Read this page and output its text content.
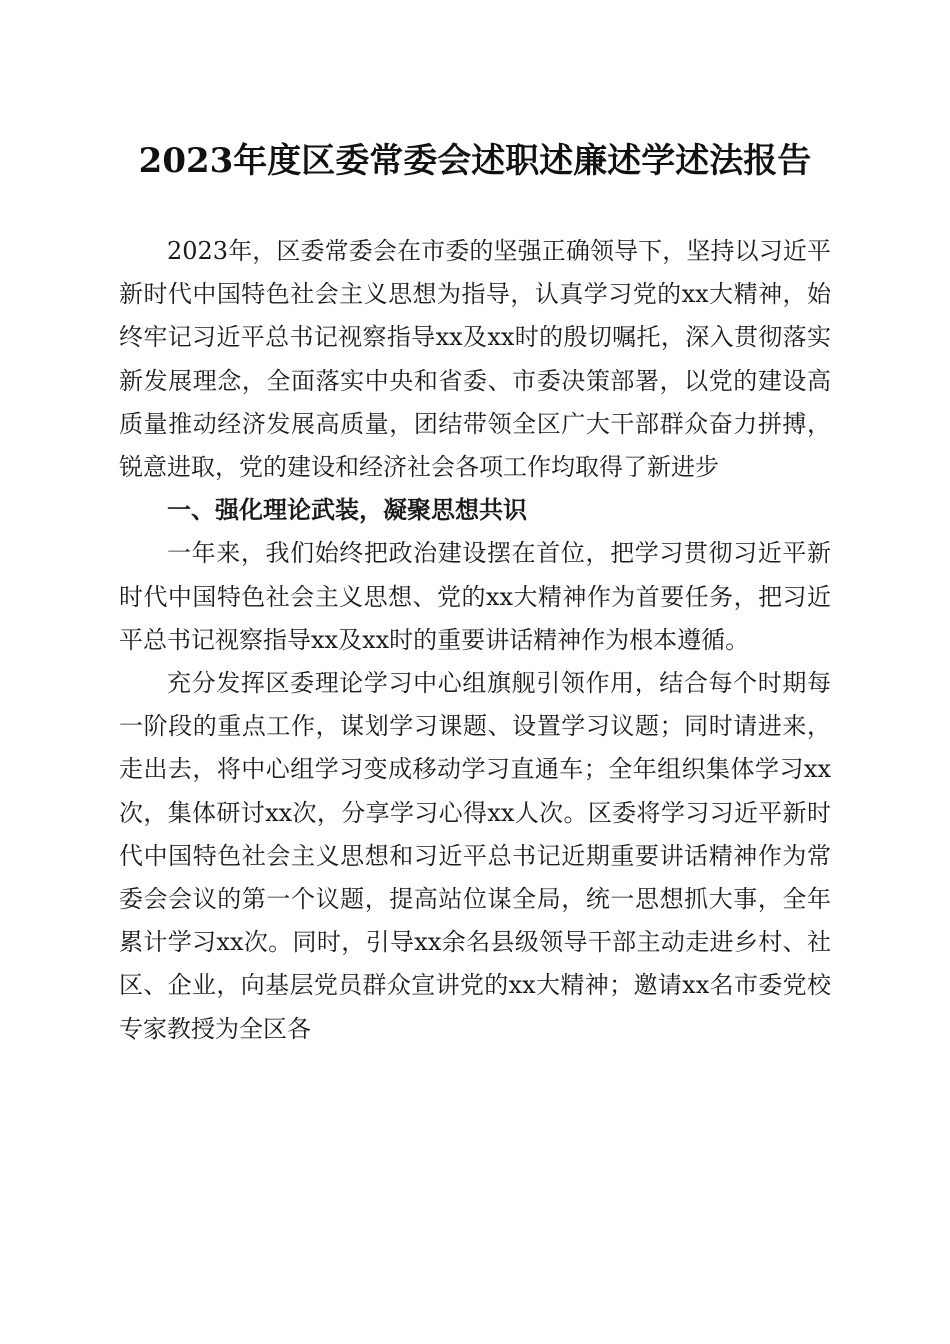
2023年度区委常委会述职述廉述学述法报告

2023年，区委常委会在市委的坚强正确领导下，坚持以习近平新时代中国特色社会主义思想为指导，认真学习党的xx大精神，始终牢记习近平总书记视察指导xx及xx时的殷切嘱托，深入贯彻落实新发展理念，全面落实中央和省委、市委决策部署，以党的建设高质量推动经济发展高质量，团结带领全区广大干部群众奋力拼搏，锐意进取，党的建设和经济社会各项工作均取得了新进步

一、强化理论武装，凝聚思想共识

一年来，我们始终把政治建设摆在首位，把学习贯彻习近平新时代中国特色社会主义思想、党的xx大精神作为首要任务，把习近平总书记视察指导xx及xx时的重要讲话精神作为根本遵循。

充分发挥区委理论学习中心组旗舰引领作用，结合每个时期每一阶段的重点工作，谋划学习课题、设置学习议题；同时请进来，走出去，将中心组学习变成移动学习直通车；全年组织集体学习xx次，集体研讨xx次，分享学习心得xx人次。区委将学习习近平新时代中国特色社会主义思想和习近平总书记近期重要讲话精神作为常委会会议的第一个议题，提高站位谋全局，统一思想抓大事，全年累计学习xx次。同时，引导xx余名县级领导干部主动走进乡村、社区、企业，向基层党员群众宣讲党的xx大精神；邀请xx名市委党校专家教授为全区各
